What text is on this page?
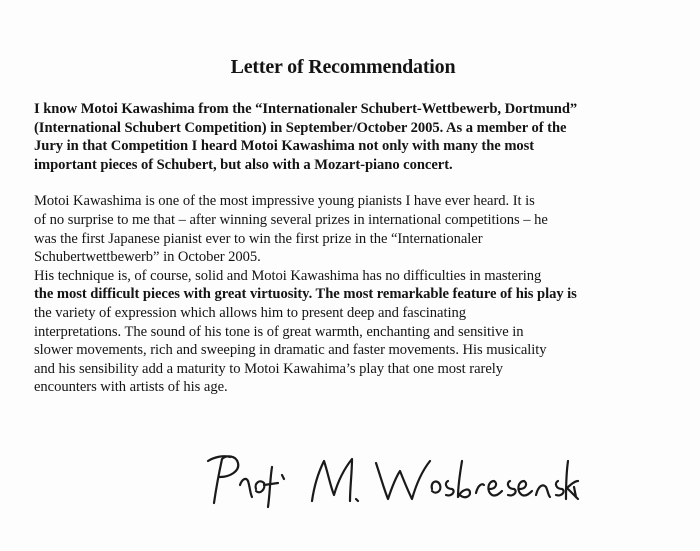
Letter of Recommendation

I know Motoi Kawashima from the “Internationaler Schubert-Wettbewerb, Dortmund”
(International Schubert Competition) in September/October 2005. As a member of the
Jury in that Competition I heard Motoi Kawashima not only with many the most
important pieces of Schubert, but also with a Mozart-piano concert.

Motoi Kawashima is one of the most impressive young pianists I have ever heard. It is
of no surprise to me that – after winning several prizes in international competitions – he
was the first Japanese pianist ever to win the first prize in the “Internationaler
Schubertwettbewerb” in October 2005.

His technique is, of course, solid and Motoi Kawashima has no difficulties in mastering
the most difficult pieces with great virtuosity. The most remarkable feature of his play is
the variety of expression which allows him to present deep and fascinating
interpretations. The sound of his tone is of great warmth, enchanting and sensitive in
slower movements, rich and sweeping in dramatic and faster movements. His musicality
and his sensibility add a maturity to Motoi Kawahima’s play that one most rarely
encounters with artists of his age.
